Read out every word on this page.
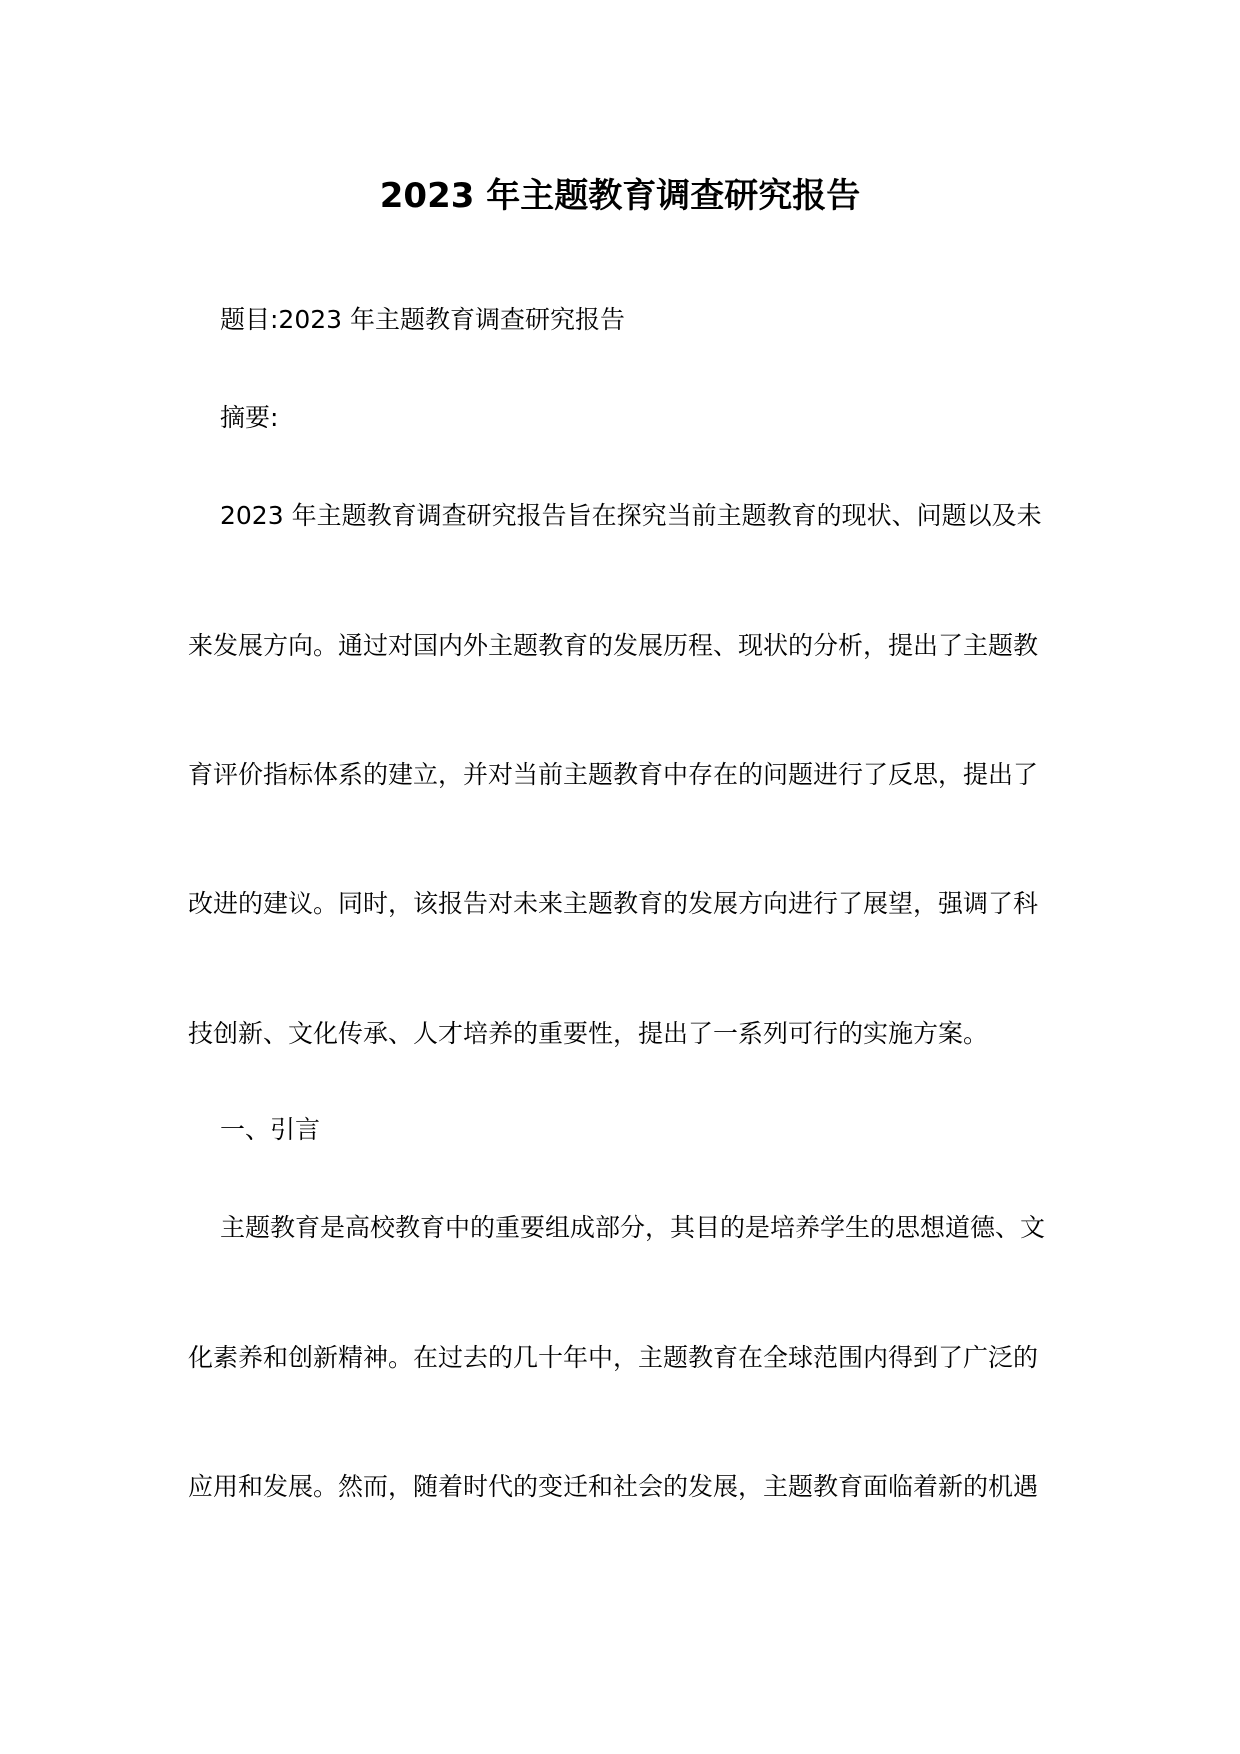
2023 年主题教育调查研究报告
题目:2023 年主题教育调查研究报告
摘要:
2023 年主题教育调查研究报告旨在探究当前主题教育的现状、问题以及未
来发展方向。通过对国内外主题教育的发展历程、现状的分析，提出了主题教
育评价指标体系的建立，并对当前主题教育中存在的问题进行了反思，提出了
改进的建议。同时，该报告对未来主题教育的发展方向进行了展望，强调了科
技创新、文化传承、人才培养的重要性，提出了一系列可行的实施方案。
一、引言
主题教育是高校教育中的重要组成部分，其目的是培养学生的思想道德、文
化素养和创新精神。在过去的几十年中，主题教育在全球范围内得到了广泛的
应用和发展。然而，随着时代的变迁和社会的发展，主题教育面临着新的机遇
